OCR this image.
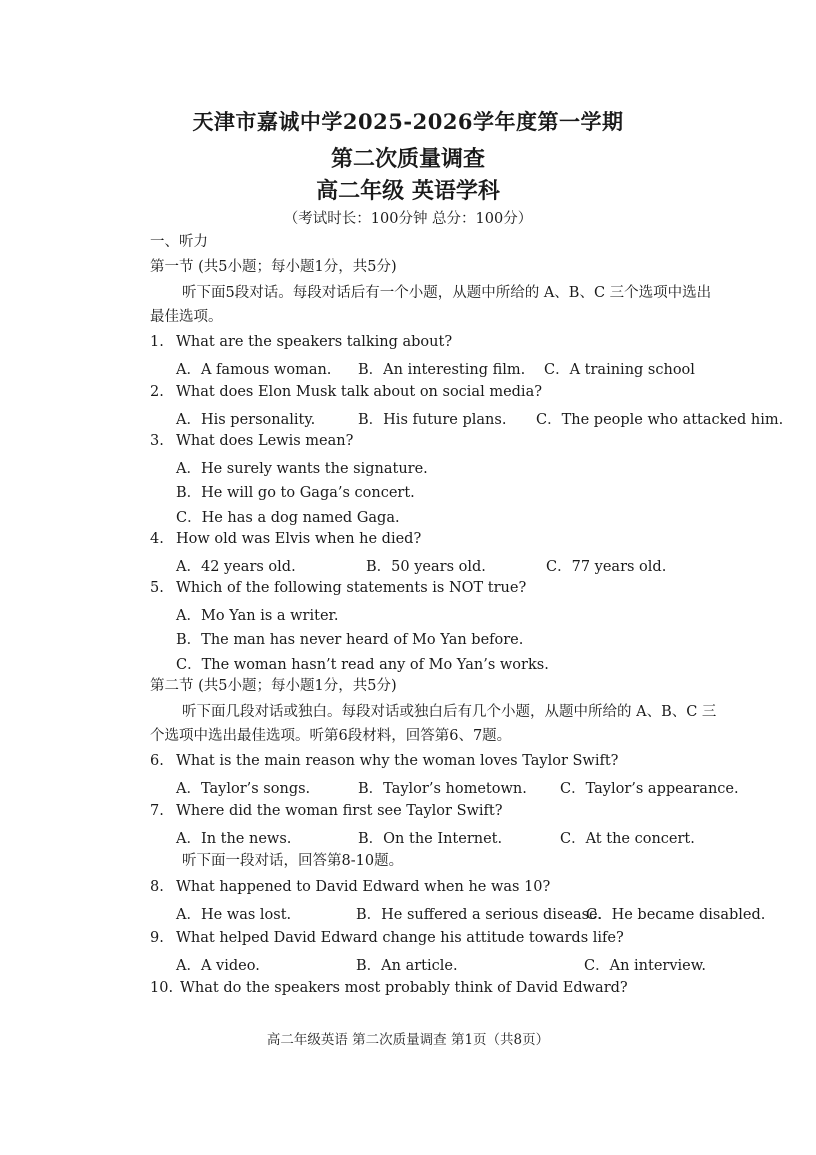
天津市嘉诚中学2025-2026学年度第一学期
第二次质量调查
高二年级 英语学科
（考试时长：100分钟 总分：100分）
一、听力
第一节 (共5小题；每小题1分，共5分)
听下面5段对话。每段对话后有一个小题，从题中所给的 A、B、C 三个选项中选出
最佳选项。
1. What are the speakers talking about?
A．A famous woman. B．An interesting film. C．A training school
2. What does Elon Musk talk about on social media?
A．His personality.	B．His future plans. C．The people who attacked him.
3. What does Lewis mean?
A．He surely wants the signature.
B．He will go to Gaga’s concert.
C．He has a dog named Gaga.
4. How old was Elvis when he died?
A．42 years old.	B．50 years old.	C．77 years old.
5. Which of the following statements is NOT true?
A．Mo Yan is a writer.
B．The man has never heard of Mo Yan before.
C．The woman hasn’t read any of Mo Yan’s works.
第二节 (共5小题；每小题1分，共5分)
听下面几段对话或独白。每段对话或独白后有几个小题，从题中所给的 A、B、C 三
个选项中选出最佳选项。听第6段材料，回答第6、7题。
6. What is the main reason why the woman loves Taylor Swift?
A．Taylor’s songs.	B．Taylor’s hometown. C．Taylor’s appearance.
7. Where did the woman first see Taylor Swift?
A．In the news.	B．On the Internet.	C．At the concert.
听下面一段对话，回答第8-10题。
8. What happened to David Edward when he was 10?
A．He was lost.	B．He suffered a serious disease.
C．He became disabled.
9. What helped David Edward change his attitude towards life?
A．A video.	B．An article.	C．An interview.
10. What do the speakers most probably think of David Edward?
高二年级英语 第二次质量调查 第1页（共8页）
